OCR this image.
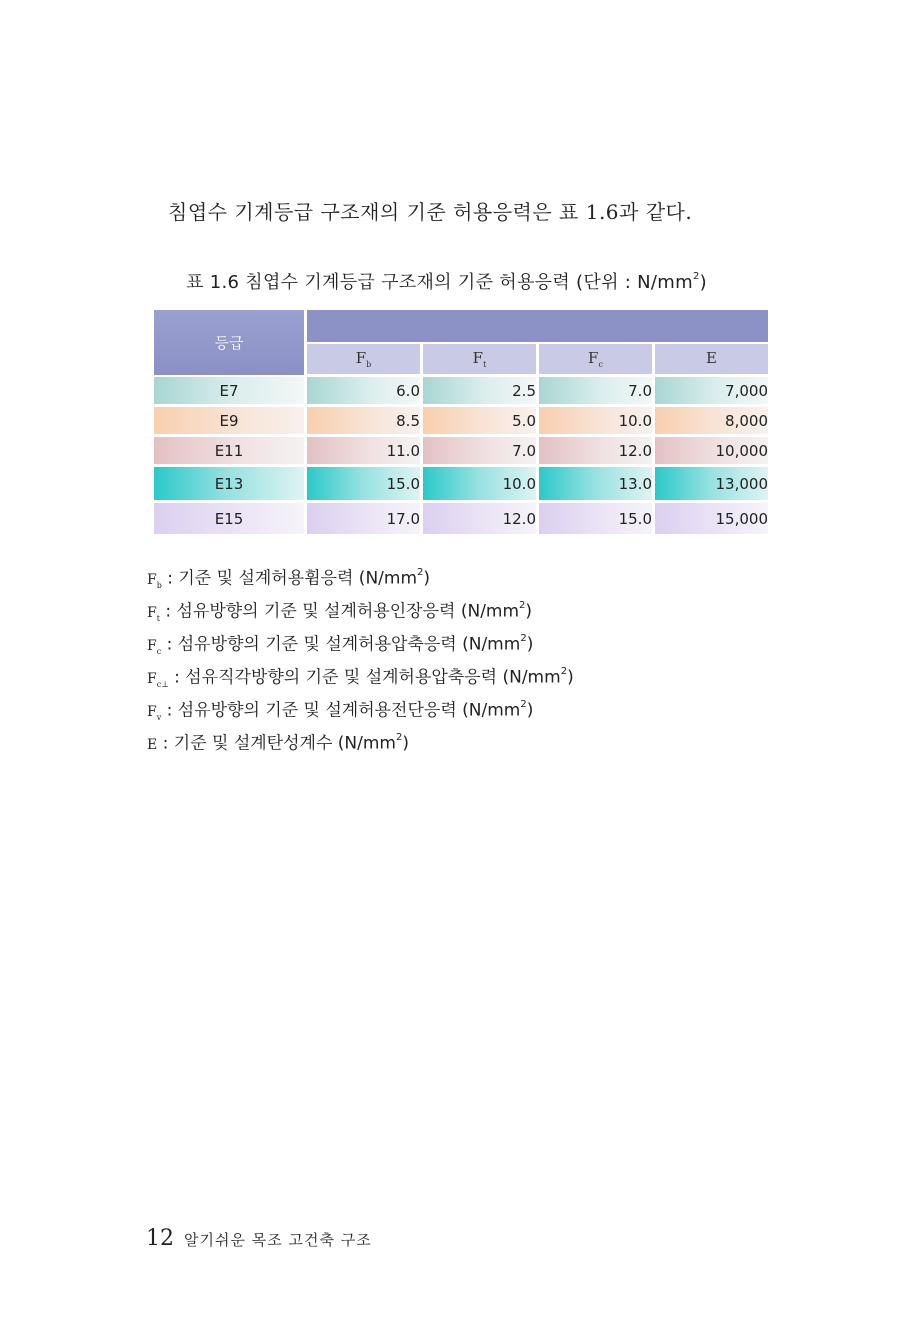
침엽수 기계등급 구조재의 기준 허용응력은 표 1.6과 같다.
표 1.6 침엽수 기계등급 구조재의 기준 허용응력 (단위 : $N/mm^2$)
등급				
	$F_b$	$F_t$	$F_c$	E
E7	6.0	2.5	7.0	7,000
E9	8.5	5.0	10.0	8,000
E11	11.0	7.0	12.0	10,000
E13	15.0	10.0	13.0	13,000
E15	17.0	12.0	15.0	15,000
$F_b$ : 기준 및 설계허용휨응력 $(N/mm^2)$
$F_t$ : 섬유방향의 기준 및 설계허용인장응력 $(N/mm^2)$
$F_c$ : 섬유방향의 기준 및 설계허용압축응력 $(N/mm^2)$
$F_{c\perp}$ : 섬유직각방향의 기준 및 설계허용압축응력 $(N/mm^2)$
$F_v$ : 섬유방향의 기준 및 설계허용전단응력 $(N/mm^2)$
E : 기준 및 설계탄성계수 $(N/mm^2)$
12 알기쉬운 목조 고건축 구조
